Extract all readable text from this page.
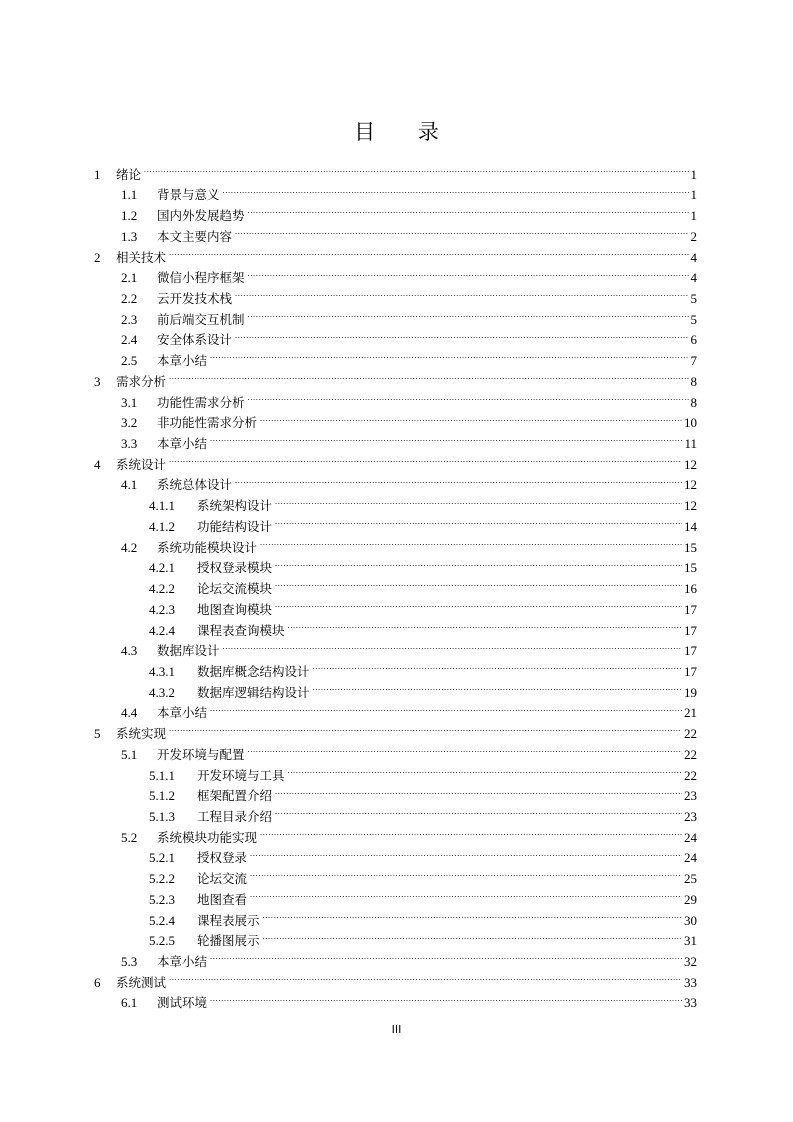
目 录
1	绪论 . . .	1
1.1	背景与意义 . . .	1
1.2	国内外发展趋势 . . .	1
1.3	本文主要内容 . . .	2
2	相关技术 . . .	4
2.1	微信小程序框架 . . .	4
2.2	云开发技术栈 . . .	5
2.3	前后端交互机制 . . .	5
2.4	安全体系设计 . . .	6
2.5	本章小结 . . .	7
3	需求分析 . . .	8
3.1	功能性需求分析 . . .	8
3.2	非功能性需求分析 . . .	10
3.3	本章小结 . . .	11
4	系统设计 . . .	12
4.1	系统总体设计 . . .	12
4.1.1	系统架构设计 . . .	12
4.1.2	功能结构设计 . . .	14
4.2	系统功能模块设计 . . .	15
4.2.1	授权登录模块 . . .	15
4.2.2	论坛交流模块 . . .	16
4.2.3	地图查询模块 . . .	17
4.2.4	课程表查询模块 . . .	17
4.3	数据库设计 . . .	17
4.3.1	数据库概念结构设计 . . .	17
4.3.2	数据库逻辑结构设计 . . .	19
4.4	本章小结 . . .	21
5	系统实现 . . .	22
5.1	开发环境与配置 . . .	22
5.1.1	开发环境与工具 . . .	22
5.1.2	框架配置介绍 . . .	23
5.1.3	工程目录介绍 . . .	23
5.2	系统模块功能实现 . . .	24
5.2.1	授权登录 . . .	24
5.2.2	论坛交流 . . .	25
5.2.3	地图查看 . . .	29
5.2.4	课程表展示 . . .	30
5.2.5	轮播图展示 . . .	31
5.3	本章小结 . . .	32
6	系统测试 . . .	33
6.1	测试环境 . . .	33
III
